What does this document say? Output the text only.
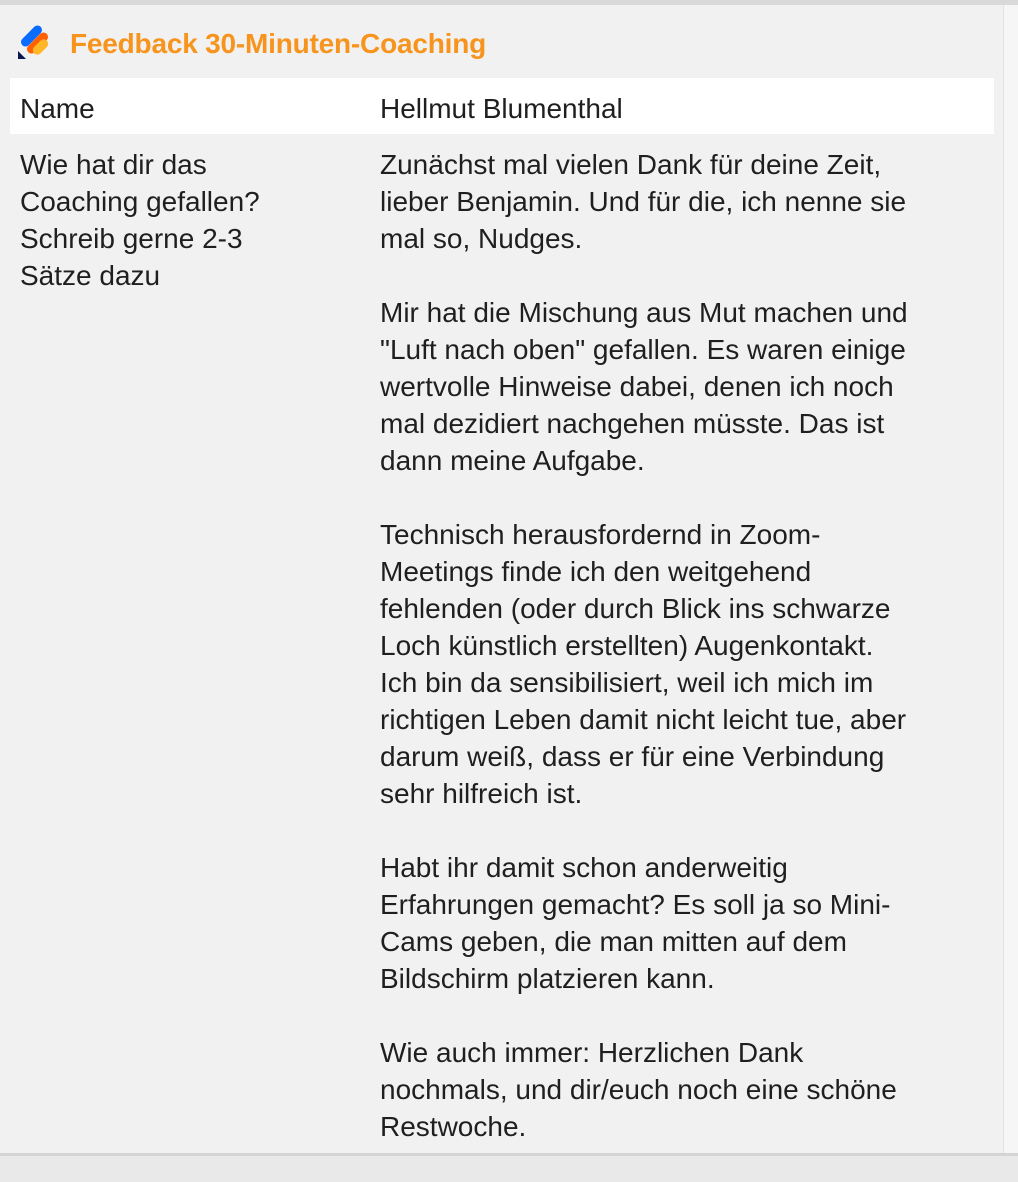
Feedback 30-Minuten-Coaching
Name	Hellmut Blumenthal
Wie hat dir das
Coaching gefallen?
Schreib gerne 2-3
Sätze dazu

Zunächst mal vielen Dank für deine Zeit,
lieber Benjamin. Und für die, ich nenne sie
mal so, Nudges.

Mir hat die Mischung aus Mut machen und
"Luft nach oben" gefallen. Es waren einige
wertvolle Hinweise dabei, denen ich noch
mal dezidiert nachgehen müsste. Das ist
dann meine Aufgabe.

Technisch herausfordernd in Zoom-
Meetings finde ich den weitgehend
fehlenden (oder durch Blick ins schwarze
Loch künstlich erstellten) Augenkontakt.
Ich bin da sensibilisiert, weil ich mich im
richtigen Leben damit nicht leicht tue, aber
darum weiß, dass er für eine Verbindung
sehr hilfreich ist.

Habt ihr damit schon anderweitig
Erfahrungen gemacht? Es soll ja so Mini-
Cams geben, die man mitten auf dem
Bildschirm platzieren kann.

Wie auch immer: Herzlichen Dank
nochmals, und dir/euch noch eine schöne
Restwoche.
